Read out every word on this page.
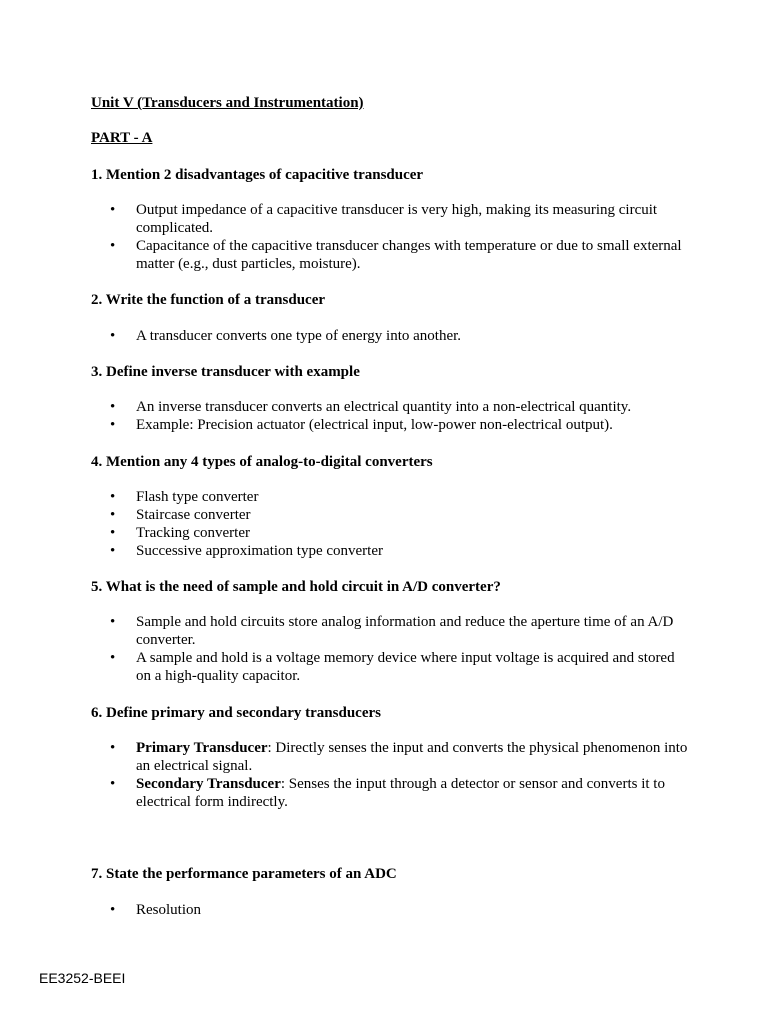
Unit V (Transducers and Instrumentation)

PART - A

1. Mention 2 disadvantages of capacitive transducer

• Output impedance of a capacitive transducer is very high, making its measuring circuit complicated.
• Capacitance of the capacitive transducer changes with temperature or due to small external matter (e.g., dust particles, moisture).

2. Write the function of a transducer

• A transducer converts one type of energy into another.

3. Define inverse transducer with example

• An inverse transducer converts an electrical quantity into a non-electrical quantity.
• Example: Precision actuator (electrical input, low-power non-electrical output).

4. Mention any 4 types of analog-to-digital converters

• Flash type converter
• Staircase converter
• Tracking converter
• Successive approximation type converter

5. What is the need of sample and hold circuit in A/D converter?

• Sample and hold circuits store analog information and reduce the aperture time of an A/D converter.
• A sample and hold is a voltage memory device where input voltage is acquired and stored on a high-quality capacitor.

6. Define primary and secondary transducers

• Primary Transducer: Directly senses the input and converts the physical phenomenon into an electrical signal.
• Secondary Transducer: Senses the input through a detector or sensor and converts it to electrical form indirectly.

7. State the performance parameters of an ADC

• Resolution
EE3252-BEEI
